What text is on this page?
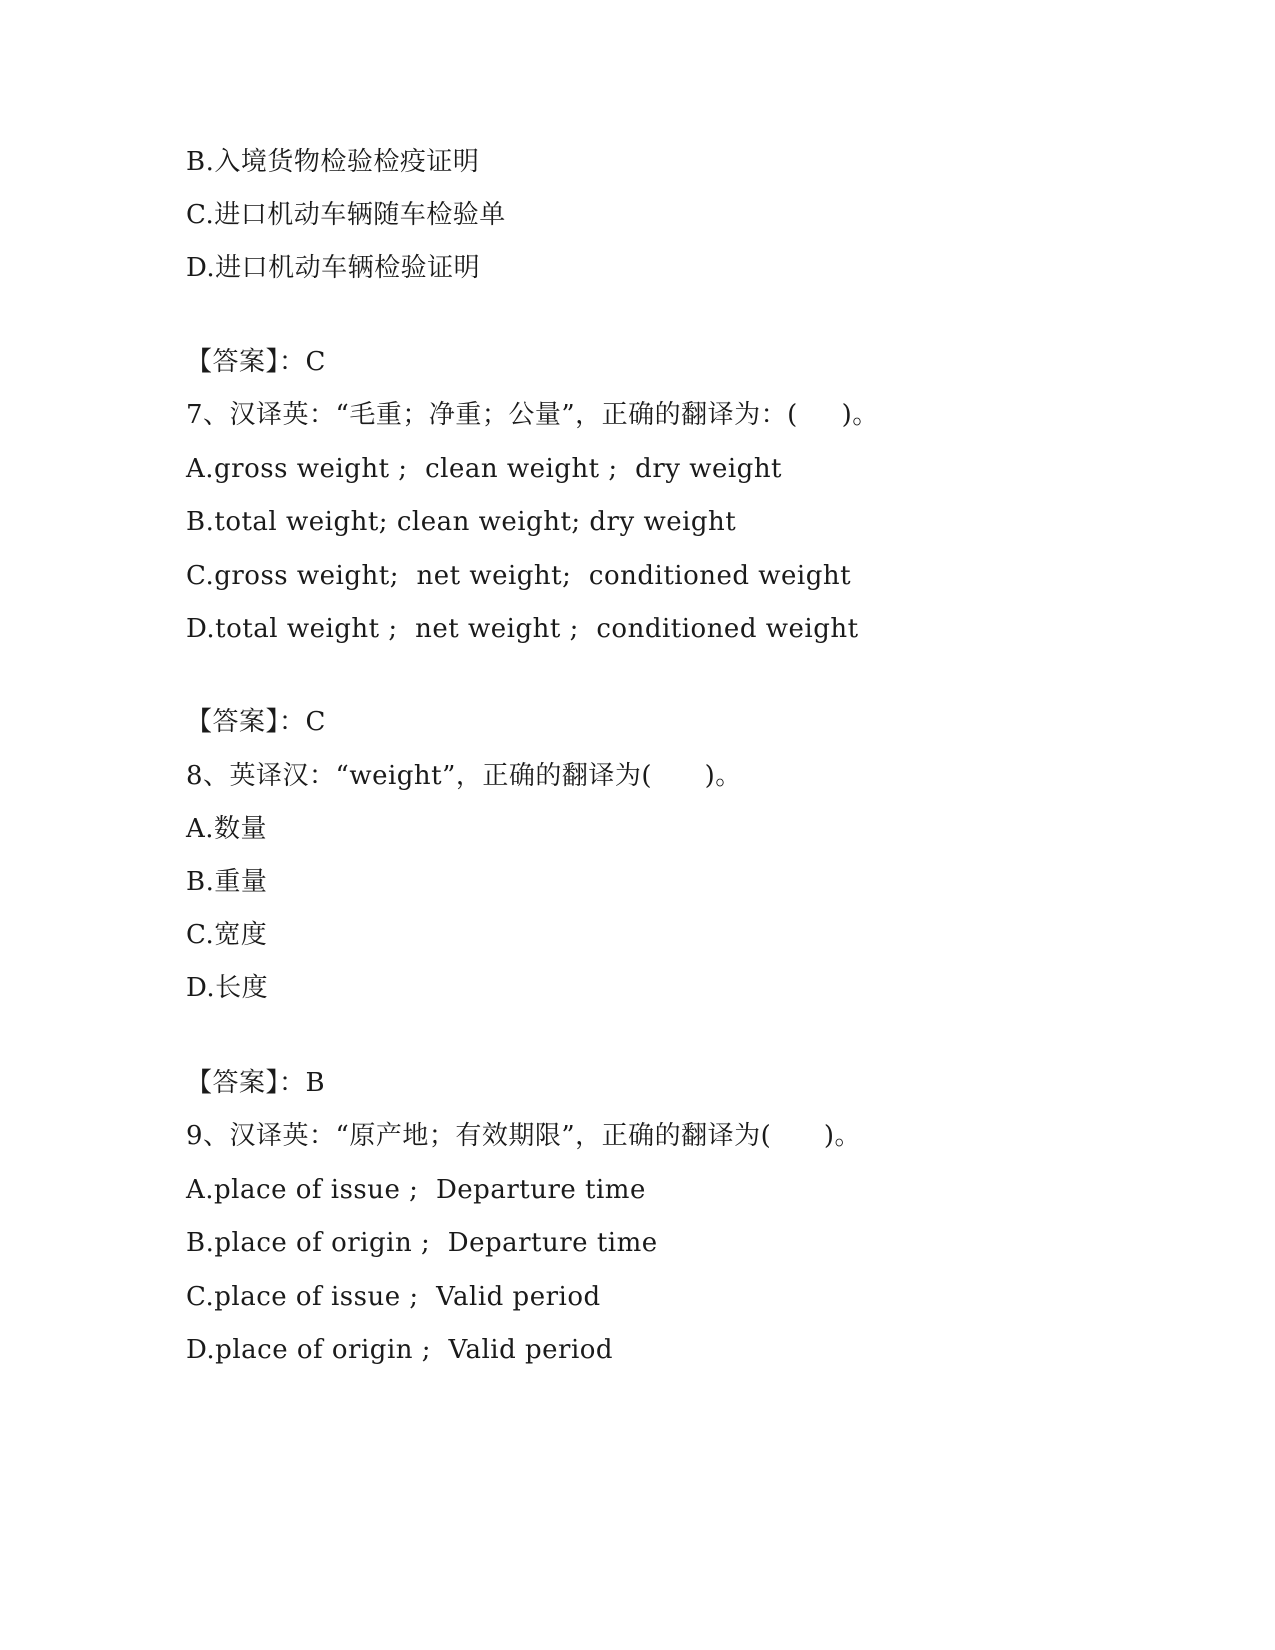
B.入境货物检验检疫证明
C.进口机动车辆随车检验单
D.进口机动车辆检验证明
【答案】：C
7、汉译英：“毛重；净重；公量”，正确的翻译为：(     )。
A.gross weight ;  clean weight ;  dry weight
B.total weight; clean weight; dry weight
C.gross weight;  net weight;  conditioned weight
D.total weight ;  net weight ;  conditioned weight
【答案】：C
8、英译汉：“weight”，正确的翻译为(      )。
A.数量
B.重量
C.宽度
D.长度
【答案】：B
9、汉译英：“原产地；有效期限”，正确的翻译为(      )。
A.place of issue ;  Departure time
B.place of origin ;  Departure time
C.place of issue ;  Valid period
D.place of origin ;  Valid period
